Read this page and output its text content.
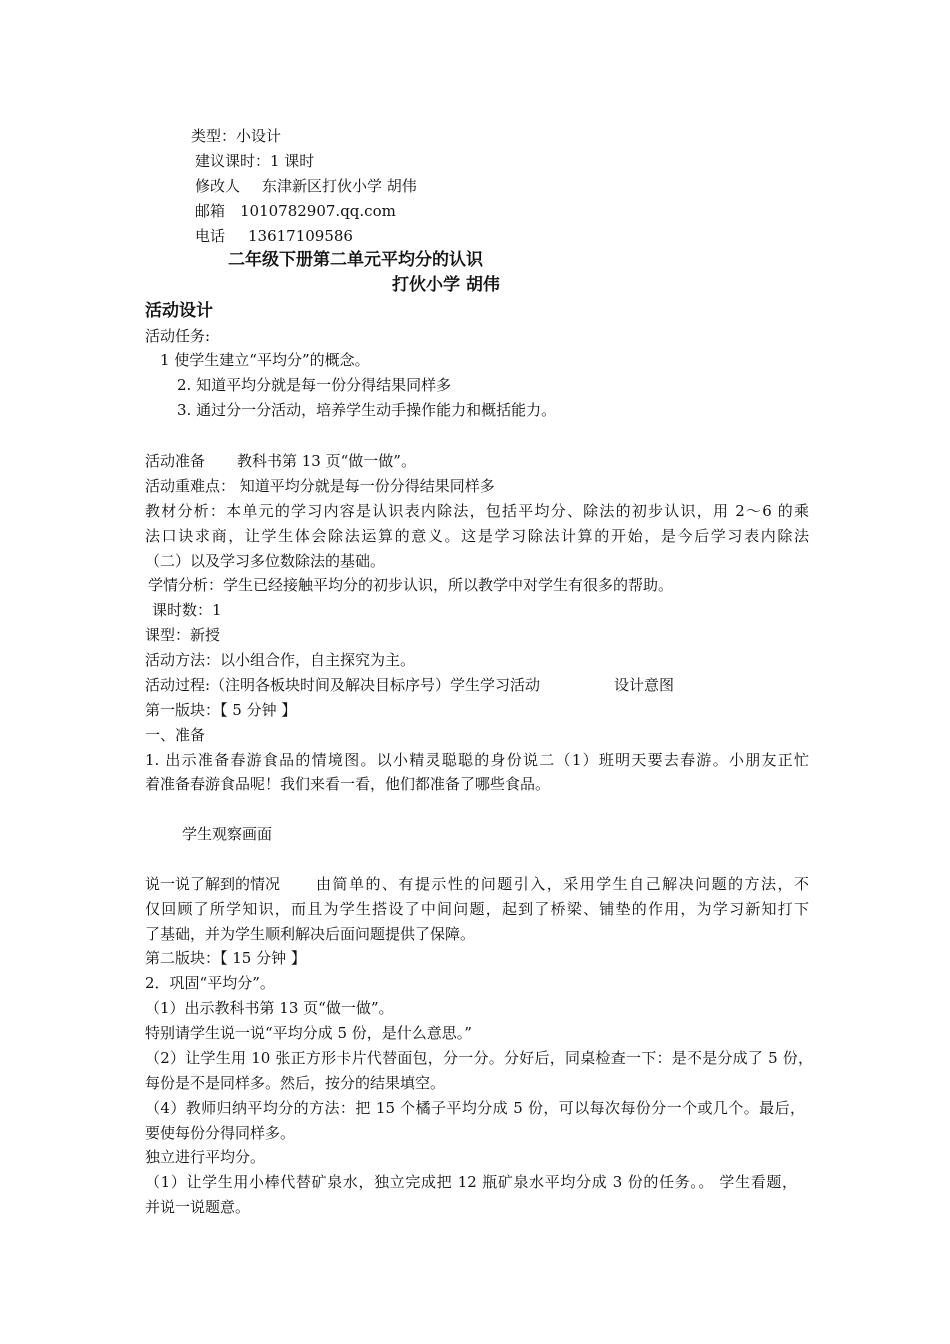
类型：小设计
建议课时：1 课时
修改人 东津新区打伙小学 胡伟
邮箱 1010782907.qq.com
电话 13617109586
二年级下册第二单元平均分的认识
打伙小学 胡伟
活动设计
活动任务:
1 使学生建立“平均分”的概念。
2. 知道平均分就是每一份分得结果同样多
3. 通过分一分活动，培养学生动手操作能力和概括能力。
活动准备 教科书第 13 页“做一做”。
活动重难点： 知道平均分就是每一份分得结果同样多
教材分析：本单元的学习内容是认识表内除法，包括平均分、除法的初步认识，用 2～6 的乘
法口诀求商，让学生体会除法运算的意义。这是学习除法计算的开始，是今后学习表内除法
（二）以及学习多位数除法的基础。
学情分析：学生已经接触平均分的初步认识，所以教学中对学生有很多的帮助。
课时数：1
课型：新授
活动方法：以小组合作，自主探究为主。
活动过程:（注明各板块时间及解决目标序号）学生学习活动	设计意图
第一版块：【 5 分钟 】
一、准备
1. 出示准备春游食品的情境图。以小精灵聪聪的身份说二（1）班明天要去春游。小朋友正忙
着准备春游食品呢！我们来看一看，他们都准备了哪些食品。
学生观察画面
说一说了解到的情况 由简单的、有提示性的问题引入，采用学生自己解决问题的方法，不
仅回顾了所学知识，而且为学生搭设了中间问题，起到了桥梁、铺垫的作用，为学习新知打下
了基础，并为学生顺利解决后面问题提供了保障。
第二版块：【 15 分钟 】
2．巩固“平均分”。
（1）出示教科书第 13 页“做一做”。
特别请学生说一说“平均分成 5 份，是什么意思。”
（2）让学生用 10 张正方形卡片代替面包，分一分。分好后，同桌检查一下：是不是分成了 5 份，
每份是不是同样多。然后，按分的结果填空。
（4）教师归纳平均分的方法：把 15 个橘子平均分成 5 份，可以每次每份分一个或几个。最后，
要使每份分得同样多。
独立进行平均分。
（1）让学生用小棒代替矿泉水，独立完成把 12 瓶矿泉水平均分成 3 份的任务。。 学生看题，
并说一说题意。
